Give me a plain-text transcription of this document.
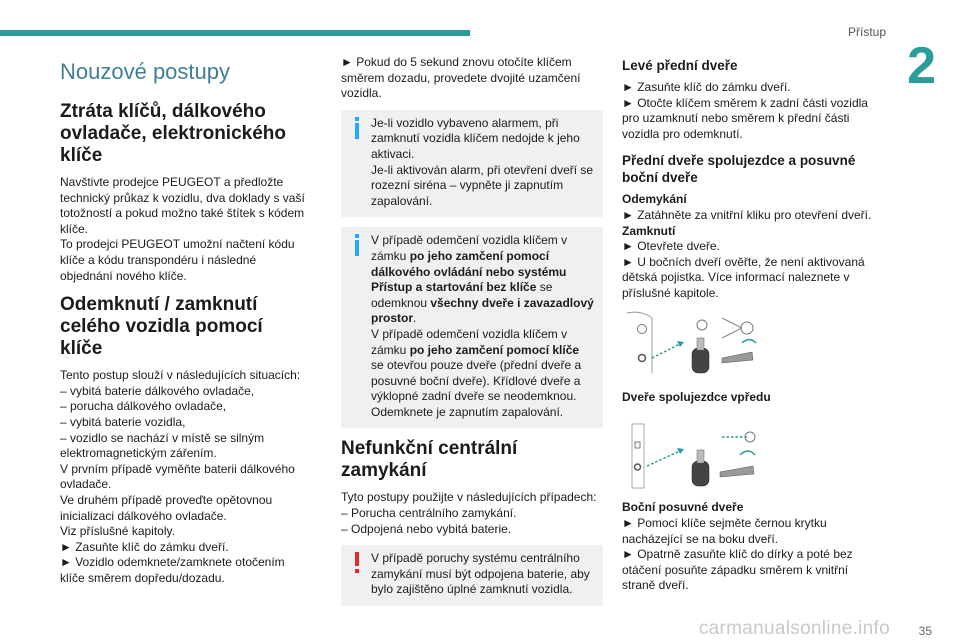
Přístup
2
Nouzové postupy
Ztráta klíčů, dálkového ovladače, elektronického klíče

Navštivte prodejce PEUGEOT a předložte technický průkaz k vozidlu, dva doklady s vaší totožností a pokud možno také štítek s kódem klíče.

To prodejci PEUGEOT umožní načtení kódu klíče a kódu transpondéru i následné objednání nového klíče.

Odemknutí / zamknutí celého vozidla pomocí klíče

Tento postup slouží v následujících situacích:

– vybitá baterie dálkového ovladače,

– porucha dálkového ovladače,

– vybitá baterie vozidla,

– vozidlo se nachází v místě se silným elektromagnetickým zářením.

V prvním případě vyměňte baterii dálkového ovladače.

Ve druhém případě proveďte opětovnou inicializaci dálkového ovladače.

Viz příslušné kapitoly.

► Zasuňte klíč do zámku dveří.

► Vozidlo odemknete/zamknete otočením klíče směrem dopředu/dozadu.

► Pokud do 5 sekund znovu otočíte klíčem směrem dozadu, provedete dvojité uzamčení vozidla.

Je-li vozidlo vybaveno alarmem, při zamknutí vozidla klíčem nedojde k jeho aktivaci.

Je-li aktivován alarm, při otevření dveří se rozezní siréna – vypněte ji zapnutím zapalování.

V případě odemčení vozidla klíčem v zámku po jeho zamčení pomocí dálkového ovládání nebo systému Přístup a startování bez klíče se odemknou všechny dveře i zavazadlový prostor.

V případě odemčení vozidla klíčem v zámku po jeho zamčení pomocí klíče se otevřou pouze dveře (přední dveře a posuvné boční dveře). Křídlové dveře a výklopné zadní dveře se neodemknou. Odemknete je zapnutím zapalování.

Nefunkční centrální zamykání

Tyto postupy použijte v následujících případech:

– Porucha centrálního zamykání.

– Odpojená nebo vybitá baterie.

V případě poruchy systému centrálního zamykání musí být odpojena baterie, aby bylo zajištěno úplné zamknutí vozidla.

Levé přední dveře

► Zasuňte klíč do zámku dveří.

► Otočte klíčem směrem k zadní části vozidla pro uzamknutí nebo směrem k přední části vozidla pro odemknutí.

Přední dveře spolujezdce a posuvné boční dveře
Odemykání

► Zatáhněte za vnitřní kliku pro otevření dveří.

Zamknutí

► Otevřete dveře.

► U bočních dveří ověřte, že není aktivovaná dětská pojistka. Více informací naleznete v příslušné kapitole.

Dveře spolujezdce vpředu
Boční posuvné dveře

► Pomocí klíče sejměte černou krytku nacházející se na boku dveří.

► Opatrně zasuňte klíč do dírky a poté bez otáčení posuňte západku směrem k vnitřní straně dveří.

carmanualsonline.info	35
